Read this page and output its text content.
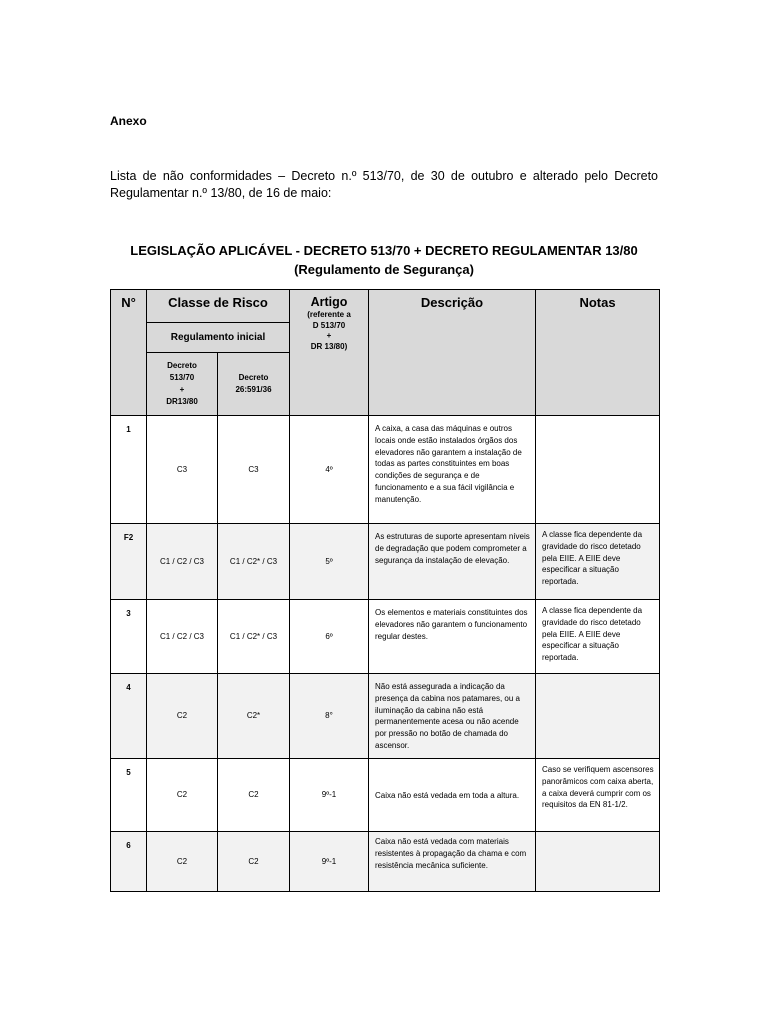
Anexo

Lista de não conformidades – Decreto n.º 513/70, de 30 de outubro e alterado pelo Decreto Regulamentar n.º 13/80, de 16 de maio:

LEGISLAÇÃO APLICÁVEL - DECRETO 513/70 + DECRETO REGULAMENTAR 13/80
(Regulamento de Segurança)
N°	Classe de Risco		Artigo
(referente a
D 513/70
+
DR 13/80)	Descrição	Notas
	Regulamento inicial				

	Decreto
513/70
+
DR13/80	Decreto
26:591/36			

1	C3	C3	4º	A caixa, a casa das máquinas e outros locais onde estão instalados órgãos dos elevadores não garantem a instalação de todas as partes constituintes em boas condições de segurança e de funcionamento e a sua fácil vigilância e manutenção.	
F2	C1 / C2 / C3	C1 / C2* / C3	5º	As estruturas de suporte apresentam níveis de degradação que podem comprometer a segurança da instalação de elevação.	A classe fica dependente da gravidade do risco detetado pela EIIE. A EIIE deve especificar a situação reportada.
3	C1 / C2 / C3	C1 / C2* / C3	6º	Os elementos e materiais constituintes dos elevadores não garantem o funcionamento regular destes.	A classe fica dependente da gravidade do risco detetado pela EIIE. A EIIE deve especificar a situação reportada.
4	C2	C2*	8°	Não está assegurada a indicação da presença da cabina nos patamares, ou a iluminação da cabina não está permanentemente acesa ou não acende por pressão no botão de chamada do ascensor.	
5	C2	C2	9º-1	Caixa não está vedada em toda a altura.	Caso se verifiquem ascensores panorâmicos com caixa aberta, a caixa deverá cumprir com os requisitos da EN 81-1/2.
6	C2	C2	9º-1	Caixa não está vedada com materiais resistentes à propagação da chama e com resistência mecânica suficiente.	
